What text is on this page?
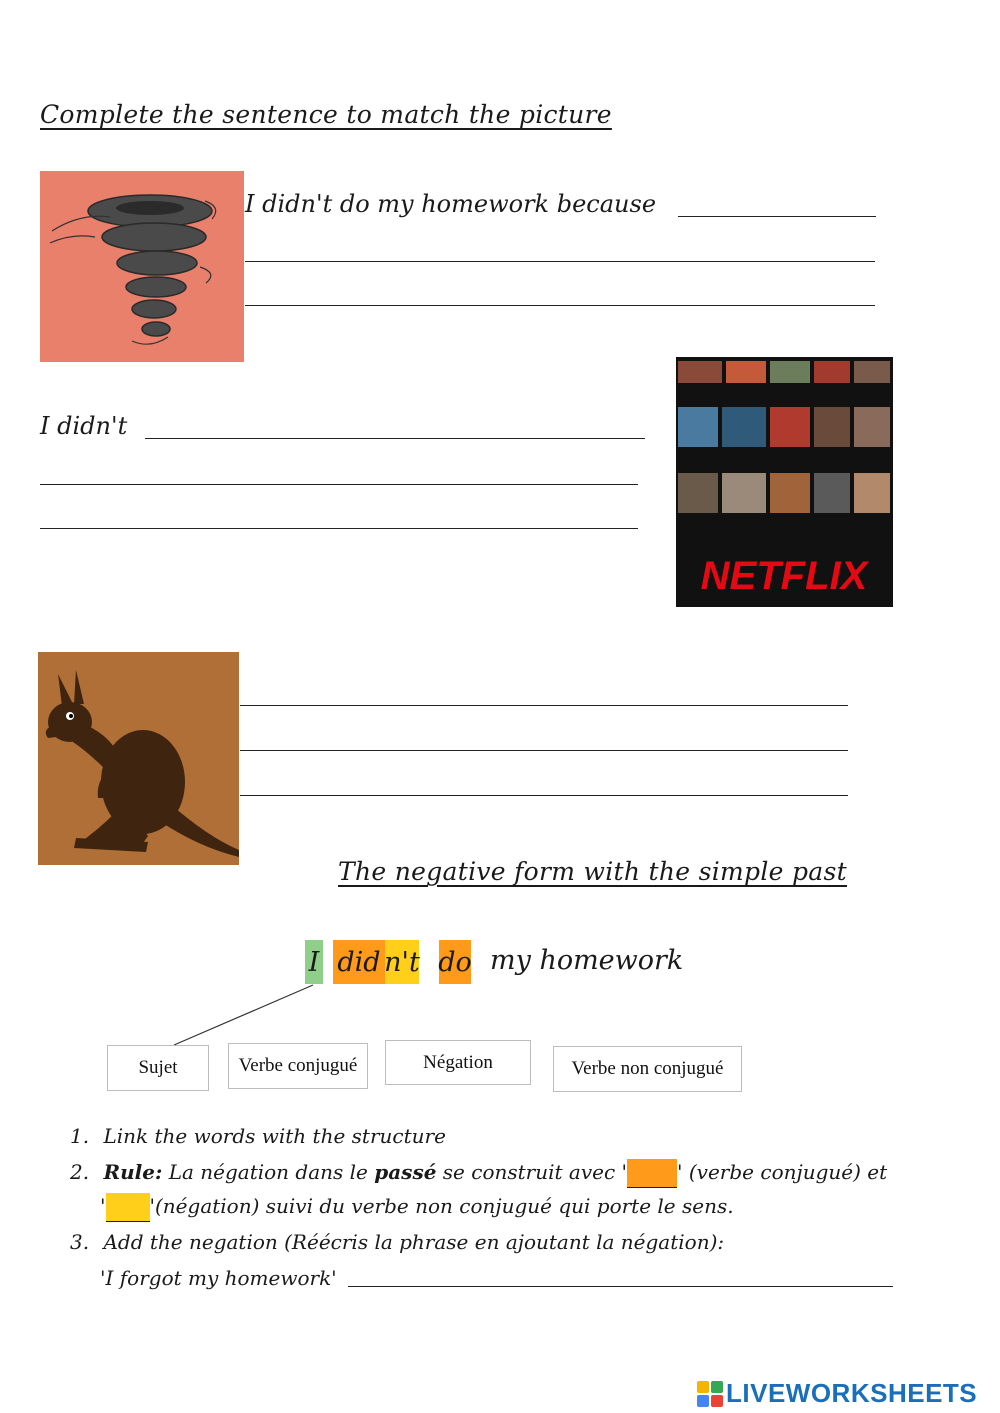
Complete the sentence to match the picture
I didn't do my homework because
NETFLIX
I didn't
The negative form with the simple past
I did n't do my homework
Sujet	Verbe conjugué	Négation	Verbe non conjugué
1. Link the words with the structure
2. Rule: La négation dans le passé se construit avec '	' (verbe conjugué) et
' '(négation) suivi du verbe non conjugué qui porte le sens.
3. Add the negation (Réécris la phrase en ajoutant la négation):
'I forgot my homework'
LIVEWORKSHEETS
